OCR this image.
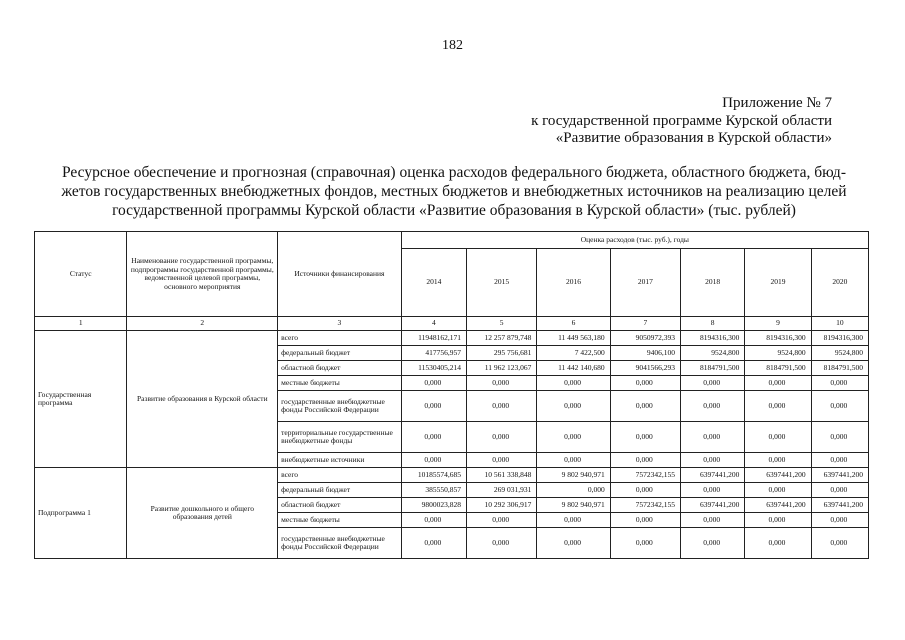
182
Приложение № 7
к государственной программе Курской области
«Развитие образования в Курской области»
Ресурсное обеспечение и прогнозная (справочная) оценка расходов федерального бюджета, областного бюджета, бюд-
жетов государственных внебюджетных фондов, местных бюджетов и внебюджетных источников на реализацию целей
государственной программы Курской области «Развитие образования в Курской области» (тыс. рублей)
Статус	Наименование государственной программы, подпрограммы государственной программы, ведомственной целевой программы, основного мероприятия	Источники финансирования	Оценка расходов (тыс. руб.), годы						
			2014	2015	2016	2017	2018	2019	2020
1	2	3	4	5	6	7	8	9	10
Государственная программа	Развитие образования в Курской области	всего	11948162,171	12 257 879,748	11 449 563,180	9050972,393	8194316,300	8194316,300	8194316,300
		федеральный бюджет	417756,957	295 756,681	7 422,500	9406,100	9524,800	9524,800	9524,800
		областной бюджет	11530405,214	11 962 123,067	11 442 140,680	9041566,293	8184791,500	8184791,500	8184791,500
		местные бюджеты	0,000	0,000	0,000	0,000	0,000	0,000	0,000
		государственные внебюджетные фонды Российской Федерации	0,000	0,000	0,000	0,000	0,000	0,000	0,000
		территориальные государственные внебюджетные фонды	0,000	0,000	0,000	0,000	0,000	0,000	0,000
		внебюджетные источники	0,000	0,000	0,000	0,000	0,000	0,000	0,000
Подпрограмма 1	Развитие дошкольного и общего образования детей	всего	10185574,685	10 561 338,848	9 802 940,971	7572342,155	6397441,200	6397441,200	6397441,200
		федеральный бюджет	385550,857	269 031,931	0,000	0,000	0,000	0,000	0,000
		областной бюджет	9800023,828	10 292 306,917	9 802 940,971	7572342,155	6397441,200	6397441,200	6397441,200
		местные бюджеты	0,000	0,000	0,000	0,000	0,000	0,000	0,000
		государственные внебюджетные фонды Российской Федерации	0,000	0,000	0,000	0,000	0,000	0,000	0,000
